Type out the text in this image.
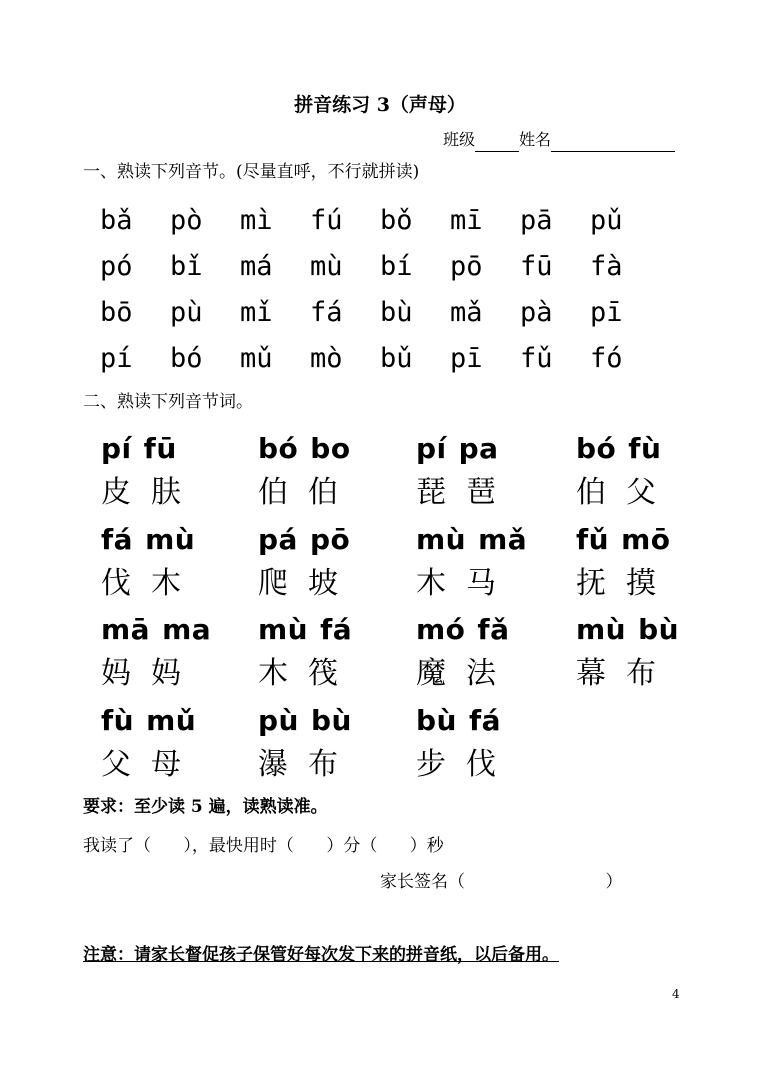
拼音练习 3（声母）
班级	姓名
一、熟读下列音节。(尽量直呼，不行就拼读)
bǎ pò mì fú bǒ mī pā pǔ
pó bǐ má mù bí pō fū fà
bō pù mǐ fá bù mǎ pà pī
pí bó mǔ mò bǔ pī fǔ fó
二、熟读下列音节词。
pí fū
皮 肤
bó bo
伯 伯
pí pa
琵 琶
bó fù
伯 父
fá mù
伐 木
pá pō
爬 坡
mù mǎ
木 马
fǔ mō
抚 摸
mā ma
妈 妈
mù fá
木 筏
mó fǎ
魔 法
mù bù
幕 布
fù mǔ
父 母
pù bù
瀑 布
bù fá
步 伐
要求：至少读 5 遍，读熟读准。
我读了（      ），最快用时（      ）分（      ）秒
家长签名（                          ）
注意：请家长督促孩子保管好每次发下来的拼音纸，以后备用。
4
